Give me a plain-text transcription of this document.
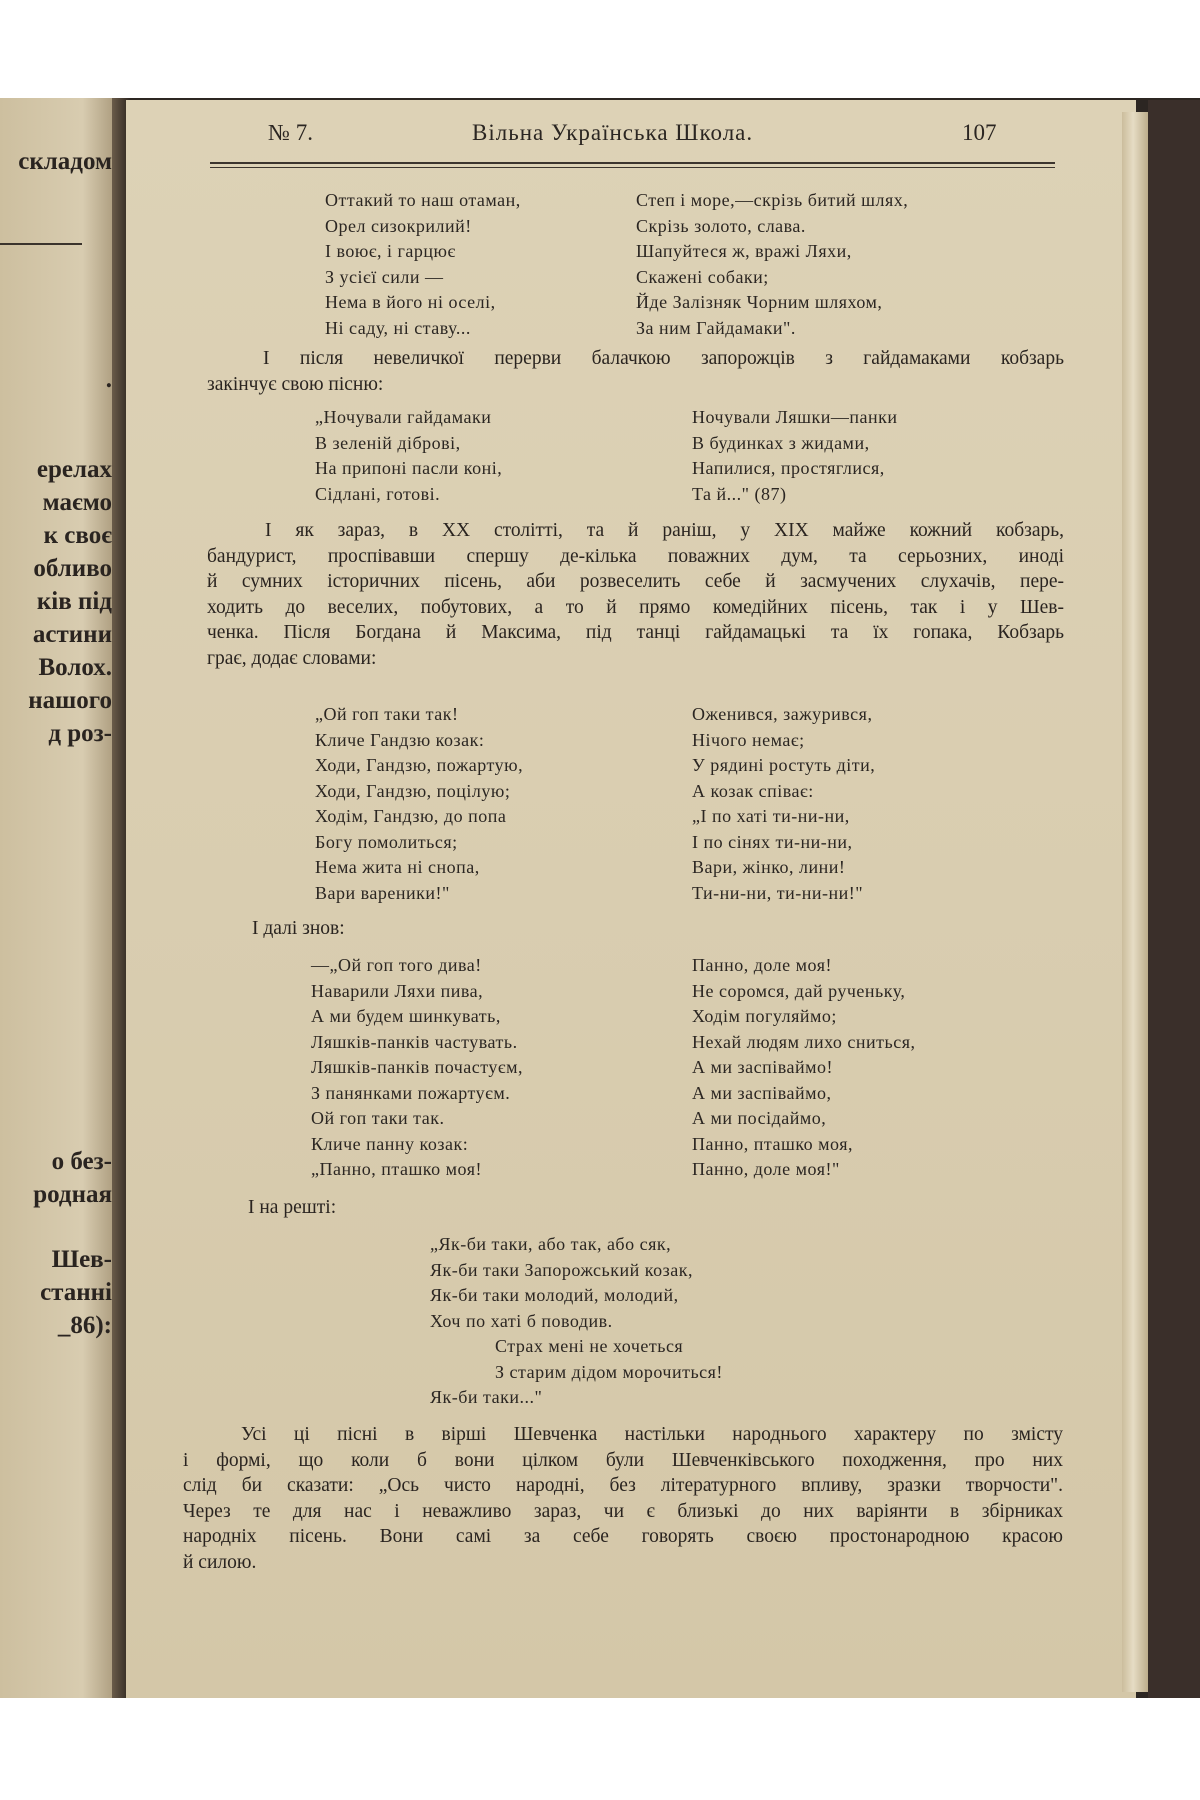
складом
.
ерелах
маємо
к своє
обливо
ків під
астини
Волох.
нашого
д роз-
о без-
родная
Шев-
станні
_86):
№ 7.	Вільна Українська Школа.	107
Оттакий то наш отаман,
Орел сизокрилий!
І воює, і гарцює
З усієї сили —
Нема в його ні оселі,
Ні саду, ні ставу...
Степ і море,—скрізь битий шлях,
Скрізь золото, слава.
Шапуйтеся ж, вражі Ляхи,
Скажені собаки;
Йде Залізняк Чорним шляхом,
За ним Гайдамаки".
І після невеличкої перерви балачкою запорожців з гайдамаками кобзарь
закінчує свою пісню:
„Ночували гайдамаки
В зеленій діброві,
На припоні пасли коні,
Сідлані, готові.
Ночували Ляшки—панки
В будинках з жидами,
Напилися, простяглися,
Та й..." (87)
І як зараз, в XX столітті, та й раніш, у XIX майже кожний кобзарь,
бандурист, проспівавши спершу де-кілька поважних дум, та серьозних, иноді
й сумних історичних пісень, аби розвеселить себе й засмучених слухачів, пере-
ходить до веселих, побутових, а то й прямо комедійних пісень, так і у Шев-
ченка. Після Богдана й Максима, під танці гайдамацькі та їх гопака, Кобзарь
грає, додає словами:
„Ой гоп таки так!
Кличе Гандзю козак:
Ходи, Гандзю, пожартую,
Ходи, Гандзю, поцілую;
Ходім, Гандзю, до попа
Богу помолиться;
Нема жита ні снопа,
Вари вареники!"
Оженився, зажурився,
Нічого немає;
У рядині ростуть діти,
А козак співає:
„І по хаті ти-ни-ни,
І по сінях ти-ни-ни,
Вари, жінко, лини!
Ти-ни-ни, ти-ни-ни!"
І далі знов:
—„Ой гоп того дива!
Наварили Ляхи пива,
А ми будем шинкувать,
Ляшків-панків частувать.
Ляшків-панків почастуєм,
З панянками пожартуєм.
Ой гоп таки так.
Кличе панну козак:
„Панно, пташко моя!
Панно, доле моя!
Не соромся, дай рученьку,
Ходім погуляймо;
Нехай людям лихо сниться,
А ми заспіваймо!
А ми заспіваймо,
А ми посідаймо,
Панно, пташко моя,
Панно, доле моя!"
І на решті:
„Як-би таки, або так, або сяк,
Як-би таки Запорожський козак,
Як-би таки молодий, молодий,
Хоч по хаті б поводив.
Страх мені не хочеться
З старим дідом морочиться!
Як-би таки..."
Усі ці пісні в вірші Шевченка настільки народнього характеру по змісту
і формі, що коли б вони цілком були Шевченківського походження, про них
слід би сказати: „Ось чисто народні, без літературного впливу, зразки творчости".
Через те для нас і неважливо зараз, чи є близькі до них варіянти в збірниках
народніх пісень. Вони самі за себе говорять своєю простонародною красою
й силою.
